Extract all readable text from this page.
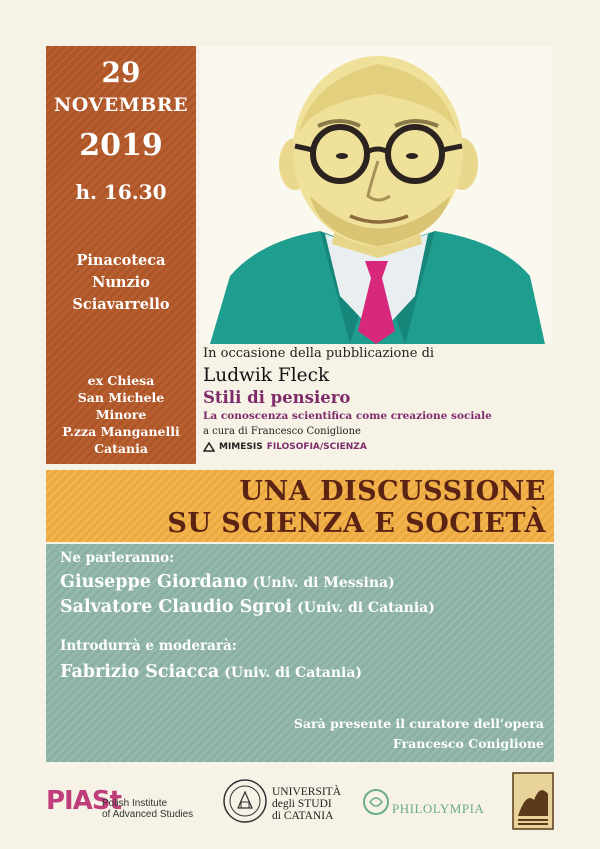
29
NOVEMBRE
2019
h. 16.30
Pinacoteca
Nunzio
Sciavarrello
ex Chiesa
San Michele
Minore
P.zza Manganelli
Catania
In occasione della pubblicazione di
Ludwik Fleck
Stili di pensiero
La conoscenza scientifica come creazione sociale
a cura di Francesco Coniglione
MIMESIS FILOSOFIA/SCIENZA
UNA DISCUSSIONE
SU SCIENZA E SOCIETÀ
Ne parleranno:
Giuseppe Giordano (Univ. di Messina)
Salvatore Claudio Sgroi (Univ. di Catania)
Introdurrà e moderarà:
Fabrizio Sciacca (Univ. di Catania)
Sarà presente il curatore dell’opera
Francesco Coniglione
PIASt
Polish Institute
of Advanced Studies
UNIVERSITÀ
degli STUDI
di CATANIA	PHILOLYMPIA
